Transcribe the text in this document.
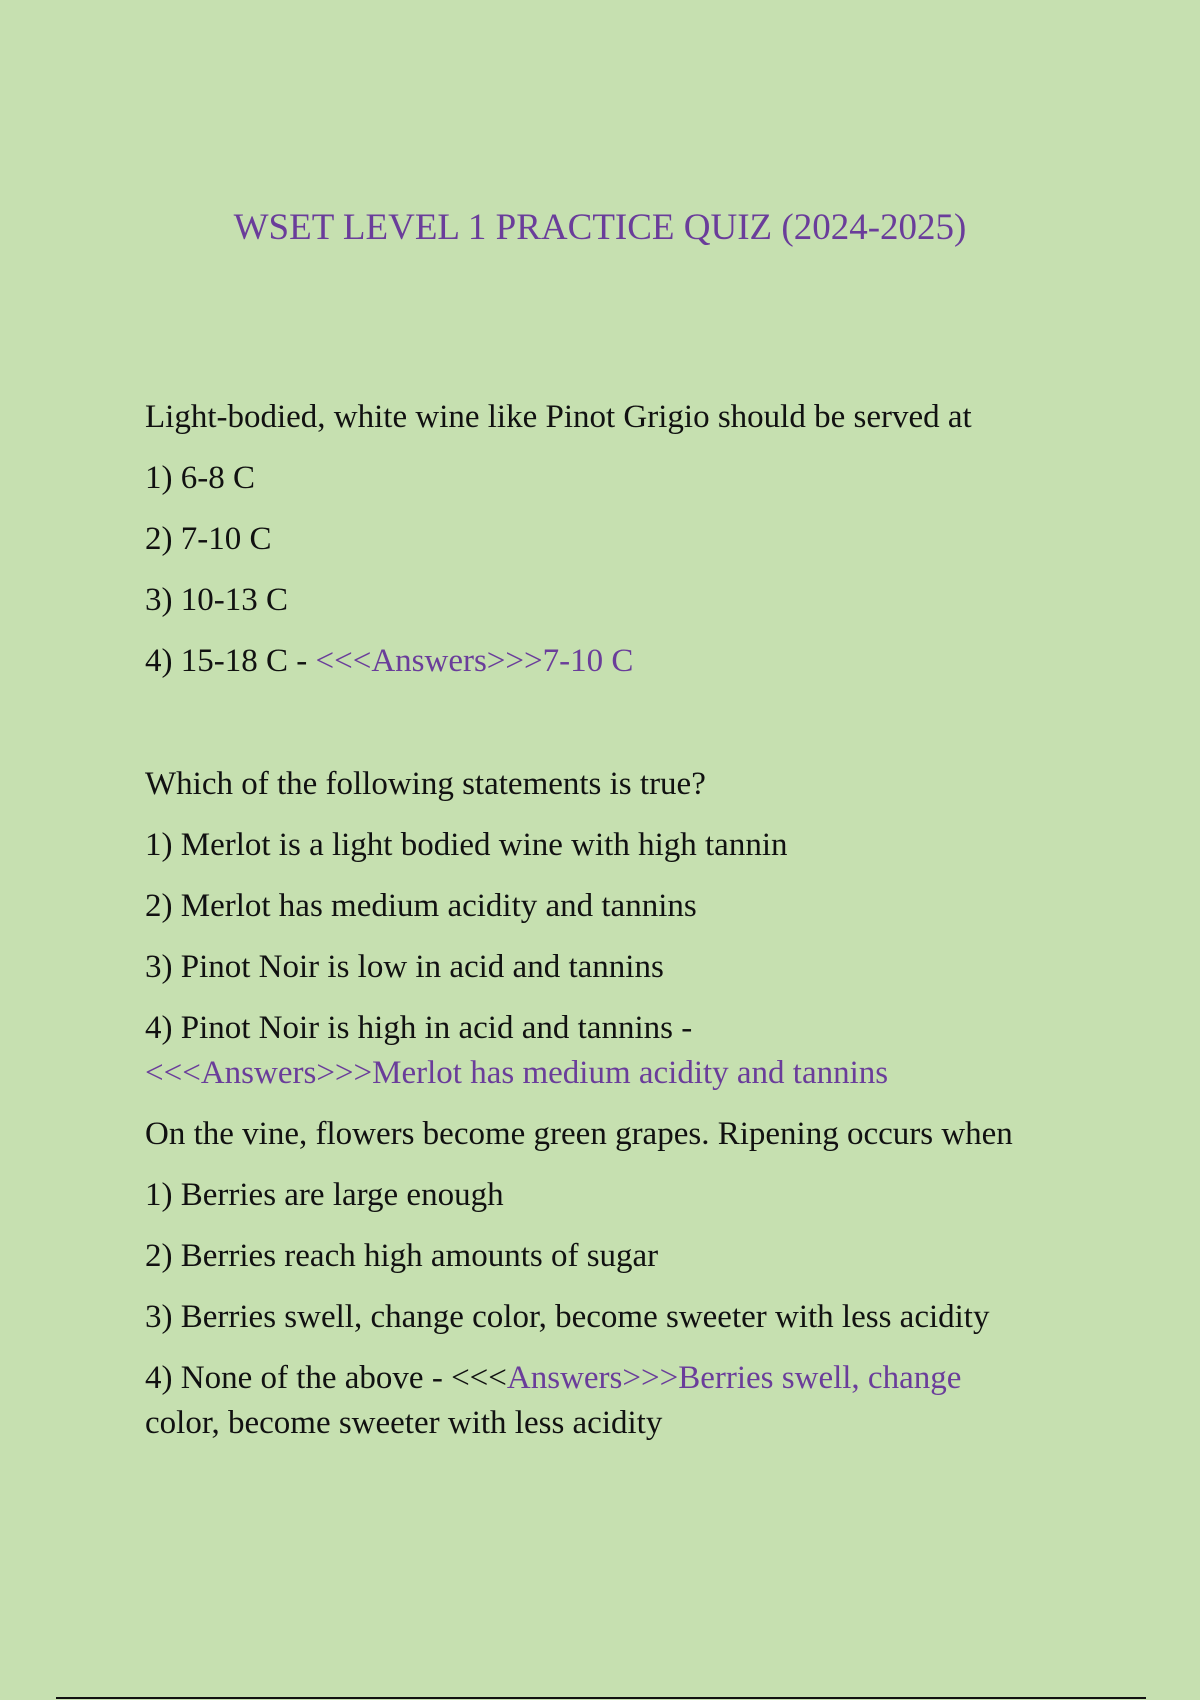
WSET LEVEL 1 PRACTICE QUIZ (2024-2025)
Light-bodied, white wine like Pinot Grigio should be served at
1) 6-8 C
2) 7-10 C
3) 10-13 C
4) 15-18 C - <<<Answers>>>7-10 C
Which of the following statements is true?
1) Merlot is a light bodied wine with high tannin
2) Merlot has medium acidity and tannins
3) Pinot Noir is low in acid and tannins
4) Pinot Noir is high in acid and tannins -
<<<Answers>>>Merlot has medium acidity and tannins
On the vine, flowers become green grapes. Ripening occurs when
1) Berries are large enough
2) Berries reach high amounts of sugar
3) Berries swell, change color, become sweeter with less acidity
4) None of the above - <<<Answers>>>Berries swell, change
color, become sweeter with less acidity
